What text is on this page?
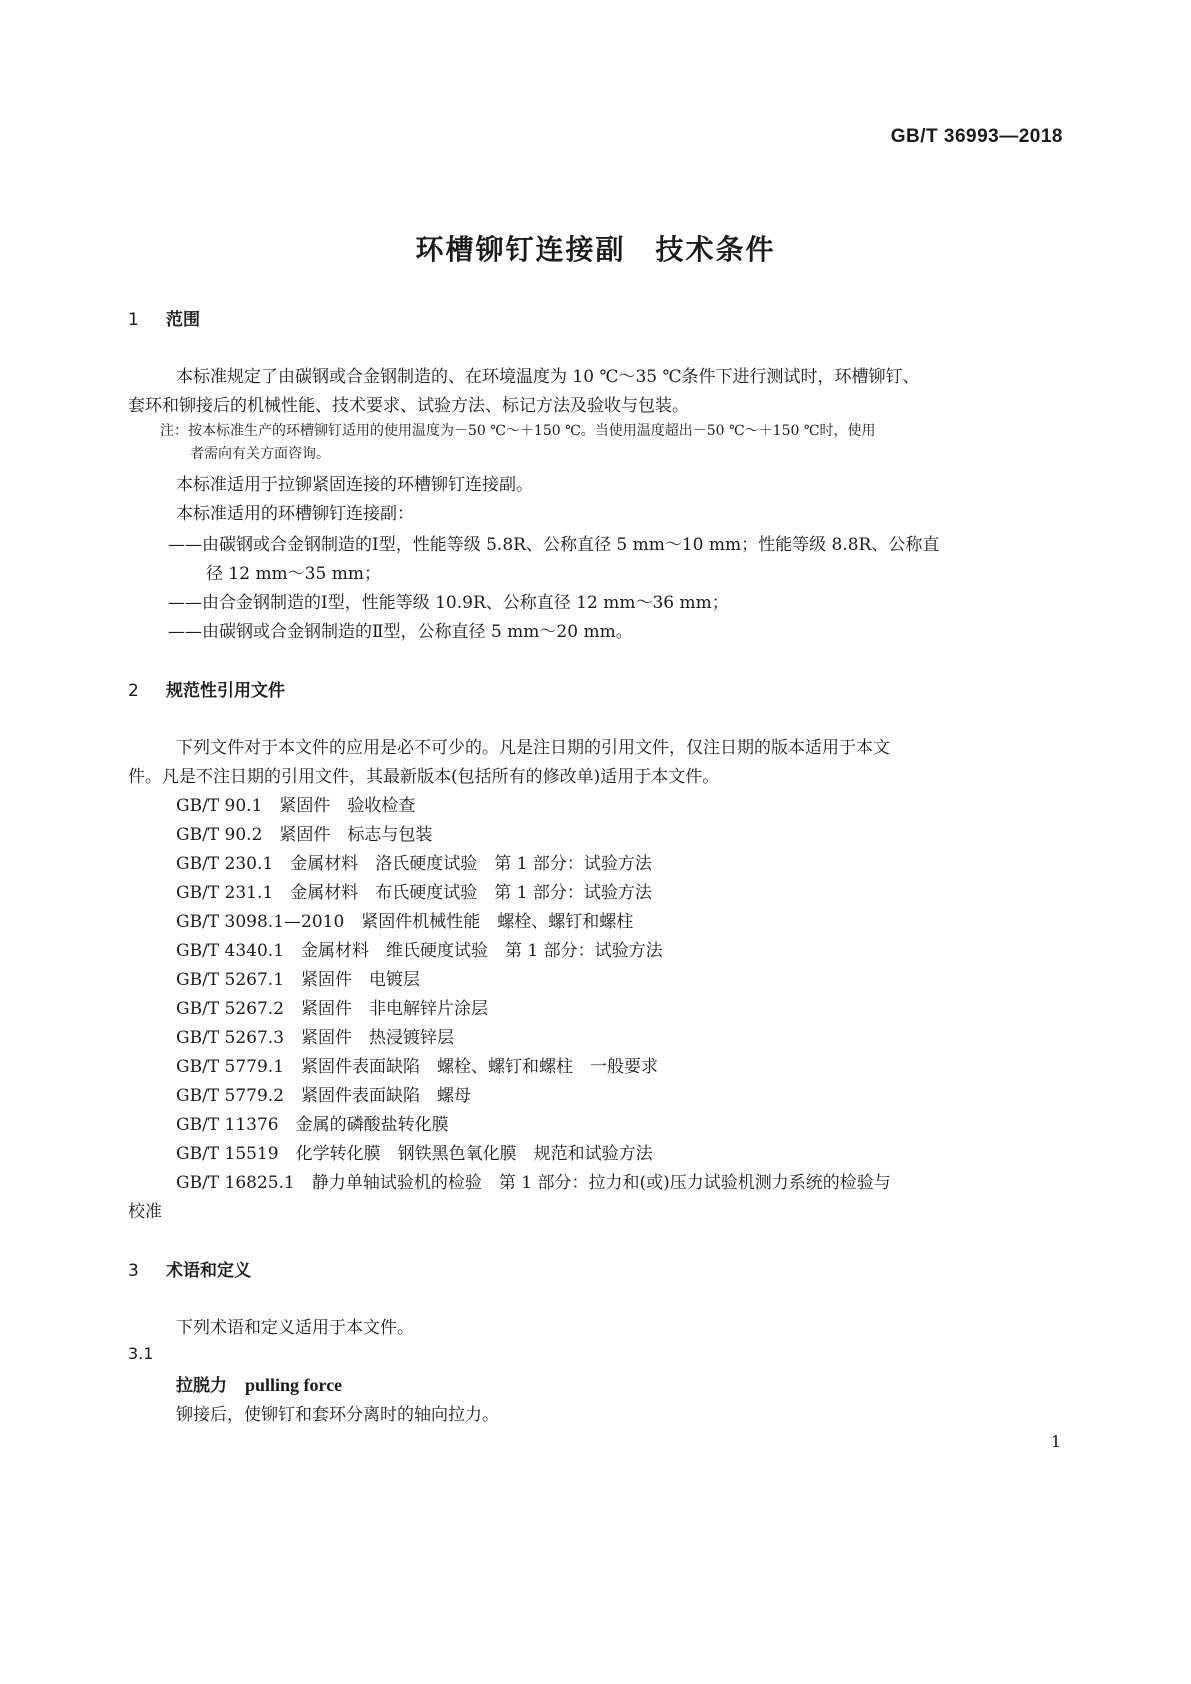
GB/T 36993—2018
环槽铆钉连接副　技术条件
1 范围
本标准规定了由碳钢或合金钢制造的、在环境温度为 10 ℃～35 ℃条件下进行测试时，环槽铆钉、
套环和铆接后的机械性能、技术要求、试验方法、标记方法及验收与包装。
注：按本标准生产的环槽铆钉适用的使用温度为－50 ℃～＋150 ℃。当使用温度超出－50 ℃～＋150 ℃时，使用
者需向有关方面咨询。
本标准适用于拉铆紧固连接的环槽铆钉连接副。
本标准适用的环槽铆钉连接副：
——由碳钢或合金钢制造的Ⅰ型，性能等级 5.8R、公称直径 5 mm～10 mm；性能等级 8.8R、公称直
径 12 mm～35 mm；
——由合金钢制造的Ⅰ型，性能等级 10.9R、公称直径 12 mm～36 mm；
——由碳钢或合金钢制造的Ⅱ型，公称直径 5 mm～20 mm。
2 规范性引用文件
下列文件对于本文件的应用是必不可少的。凡是注日期的引用文件，仅注日期的版本适用于本文
件。凡是不注日期的引用文件，其最新版本(包括所有的修改单)适用于本文件。
GB/T 90.1　紧固件　验收检查
GB/T 90.2　紧固件　标志与包装
GB/T 230.1　金属材料　洛氏硬度试验　第 1 部分：试验方法
GB/T 231.1　金属材料　布氏硬度试验　第 1 部分：试验方法
GB/T 3098.1—2010　紧固件机械性能　螺栓、螺钉和螺柱
GB/T 4340.1　金属材料　维氏硬度试验　第 1 部分：试验方法
GB/T 5267.1　紧固件　电镀层
GB/T 5267.2　紧固件　非电解锌片涂层
GB/T 5267.3　紧固件　热浸镀锌层
GB/T 5779.1　紧固件表面缺陷　螺栓、螺钉和螺柱　一般要求
GB/T 5779.2　紧固件表面缺陷　螺母
GB/T 11376　金属的磷酸盐转化膜
GB/T 15519　化学转化膜　钢铁黑色氧化膜　规范和试验方法
GB/T 16825.1　静力单轴试验机的检验　第 1 部分：拉力和(或)压力试验机测力系统的检验与
校准
3 术语和定义
下列术语和定义适用于本文件。
3.1
拉脱力 pulling force
铆接后，使铆钉和套环分离时的轴向拉力。
1
